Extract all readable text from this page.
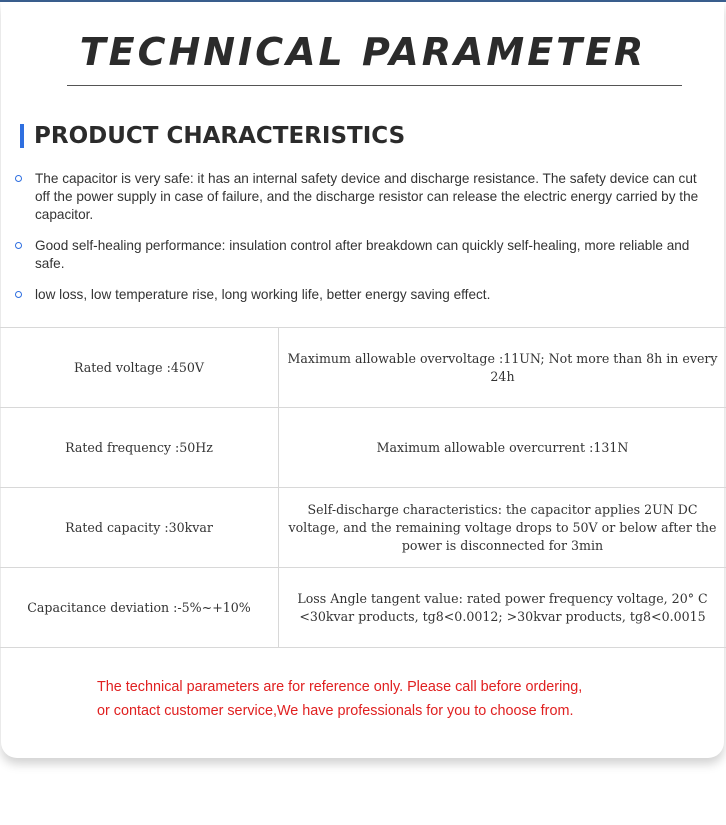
TECHNICAL PARAMETER
PRODUCT CHARACTERISTICS
The capacitor is very safe: it has an internal safety device and discharge resistance. The safety device can cut off the power supply in case of failure, and the discharge resistor can release the electric energy carried by the capacitor.
Good self-healing performance: insulation control after breakdown can quickly self-healing, more reliable and safe.
low loss, low temperature rise, long working life, better energy saving effect.
Rated voltage :450V	Maximum allowable overvoltage :11UN; Not more than 8h in every 24h
Rated frequency :50Hz	Maximum allowable overcurrent :131N
Rated capacity :30kvar	Self-discharge characteristics: the capacitor applies 2UN DC voltage, and the remaining voltage drops to 50V or below after the power is disconnected for 3min
Capacitance deviation :-5%~+10%	Loss Angle tangent value: rated power frequency voltage, 20° C <30kvar products, tg8<0.0012; >30kvar products, tg8<0.0015
The technical parameters are for reference only. Please call before ordering,
or contact customer service,We have professionals for you to choose from.
